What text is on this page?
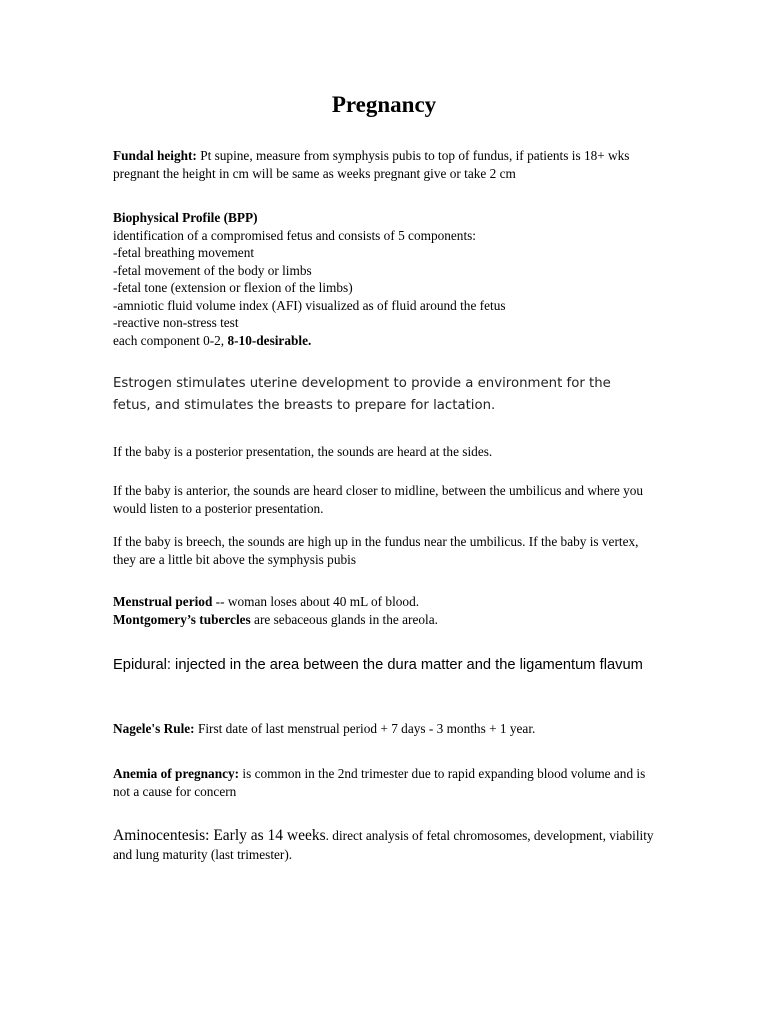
Pregnancy

Fundal height: Pt supine, measure from symphysis pubis to top of fundus, if patients is 18+ wks pregnant the height in cm will be same as weeks pregnant give or take 2 cm

Biophysical Profile (BPP)

identification of a compromised fetus and consists of 5 components:

-fetal breathing movement
-fetal movement of the body or limbs
-fetal tone (extension or flexion of the limbs)
-amniotic fluid volume index (AFI) visualized as of fluid around the fetus
-reactive non-stress test

each component 0-2, 8-10-desirable.

Estrogen stimulates uterine development to provide a environment for the fetus, and stimulates the breasts to prepare for lactation.

If the baby is a posterior presentation, the sounds are heard at the sides.

If the baby is anterior, the sounds are heard closer to midline, between the umbilicus and where you would listen to a posterior presentation.

If the baby is breech, the sounds are high up in the fundus near the umbilicus. If the baby is vertex, they are a little bit above the symphysis pubis

Menstrual period -- woman loses about 40 mL of blood.

Montgomery’s tubercles are sebaceous glands in the areola.

Epidural: injected in the area between the dura matter and the ligamentum flavum

Nagele's Rule: First date of last menstrual period + 7 days - 3 months + 1 year.

Anemia of pregnancy: is common in the 2nd trimester due to rapid expanding blood volume and is not a cause for concern

Aminocentesis: Early as 14 weeks. direct analysis of fetal chromosomes, development, viability and lung maturity (last trimester).
